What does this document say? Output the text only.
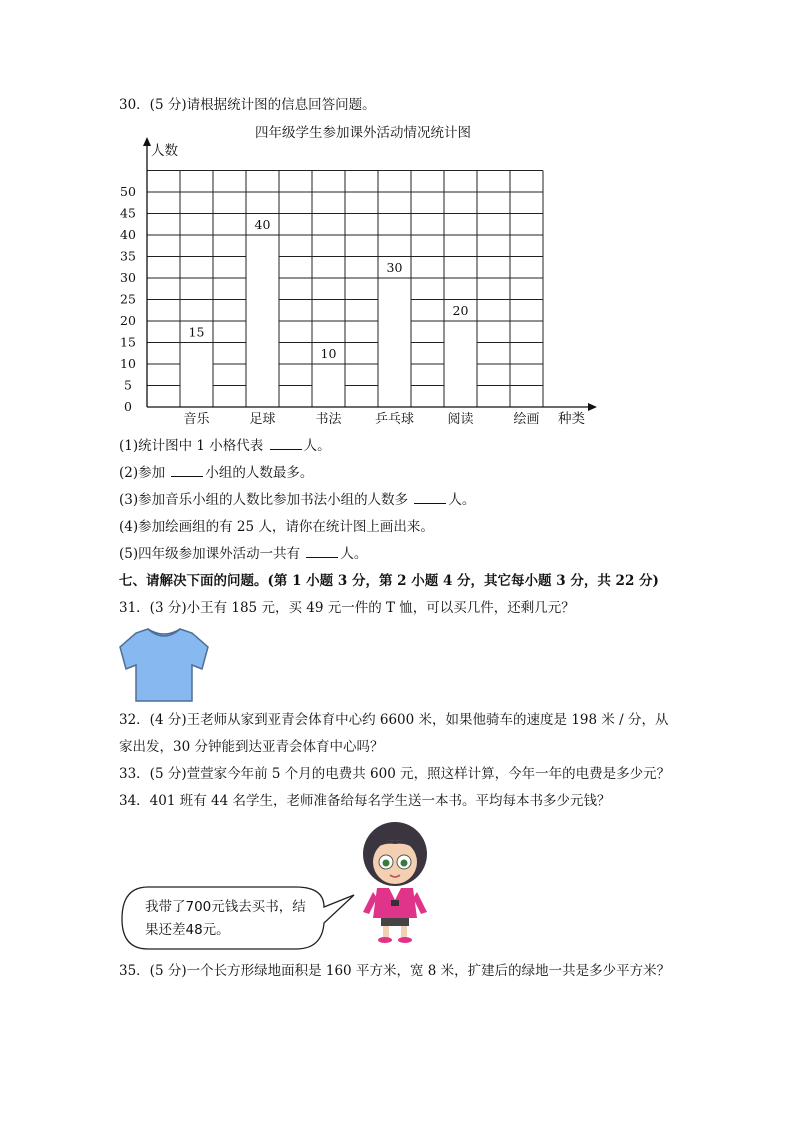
30．(5 分)请根据统计图的信息回答问题。
四年级学生参加课外活动情况统计图
人数
种类
0
5
10
15
20
25
30
35
40
45
50
音乐	足球	书法	乒乓球	阅读	绘画
15
40
10
30
20
(1)统计图中 1 小格代表	人。
(2)参加	小组的人数最多。
(3)参加音乐小组的人数比参加书法小组的人数多	人。
(4)参加绘画组的有 25 人，请你在统计图上画出来。
(5)四年级参加课外活动一共有	人。
七、请解决下面的问题。(第 1 小题 3 分，第 2 小题 4 分，其它每小题 3 分，共 22 分)
31．(3 分)小王有 185 元，买 49 元一件的 T 恤，可以买几件，还剩几元？
32．(4 分)王老师从家到亚青会体育中心约 6600 米，如果他骑车的速度是 198 米 / 分，从
家出发，30 分钟能到达亚青会体育中心吗？
33．(5 分)萱萱家今年前 5 个月的电费共 600 元，照这样计算，今年一年的电费是多少元？
34．401 班有 44 名学生，老师准备给每名学生送一本书。平均每本书多少元钱？
我带了700元钱去买书，结
果还差48元。
35．(5 分)一个长方形绿地面积是 160 平方米，宽 8 米，扩建后的绿地一共是多少平方米？
